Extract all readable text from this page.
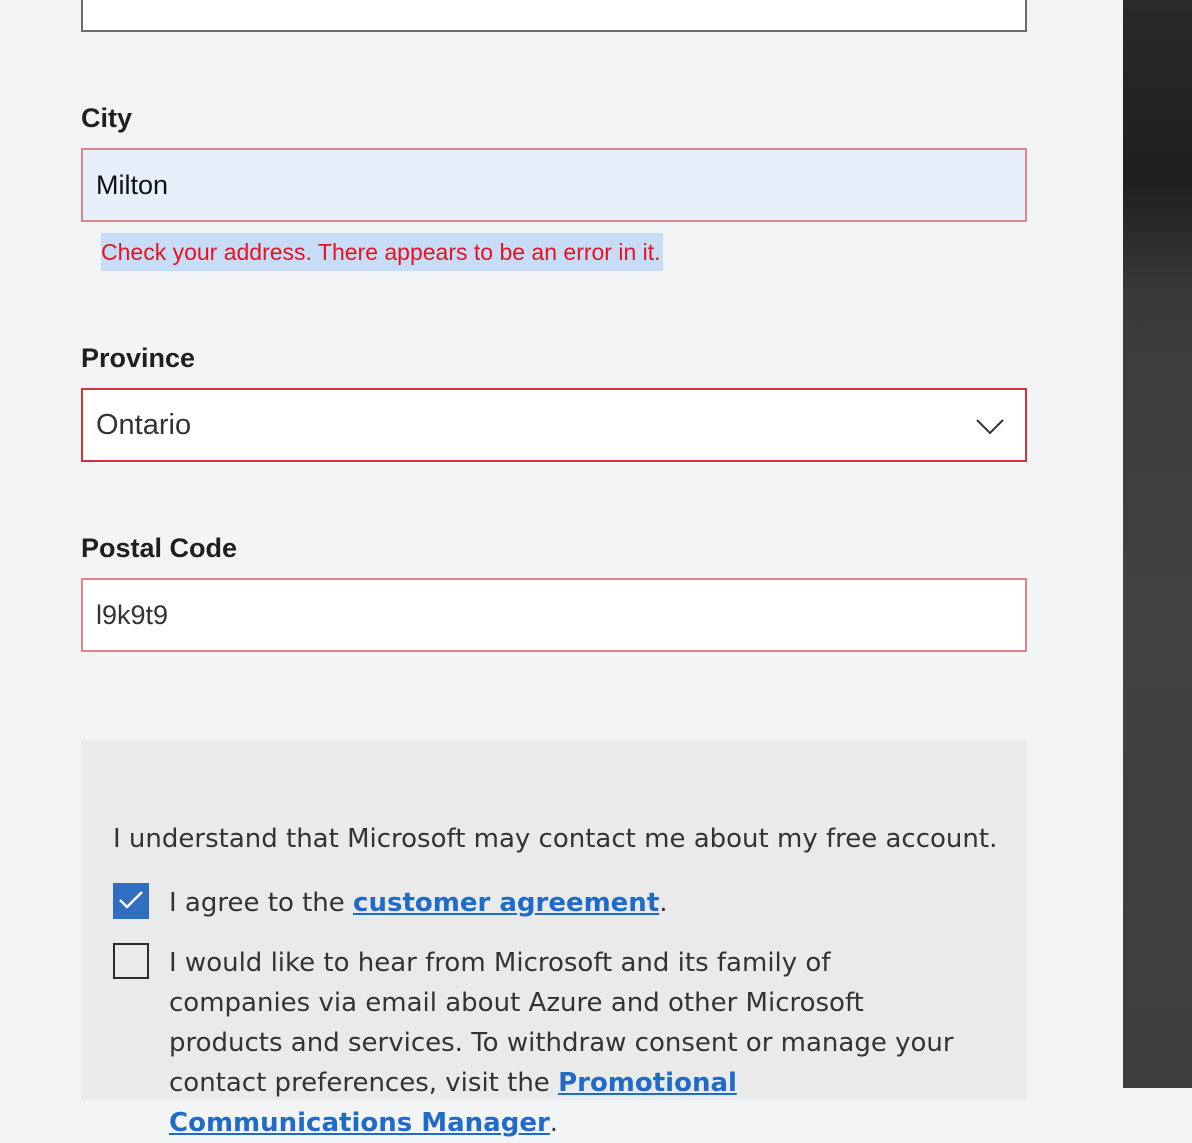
City
Milton
Check your address. There appears to be an error in it.
Province
Ontario
Postal Code
l9k9t9
I understand that Microsoft may contact me about my free account.
I agree to the customer agreement.
I would like to hear from Microsoft and its family of companies via email about Azure and other Microsoft products and services. To withdraw consent or manage your contact preferences, visit the Promotional Communications Manager.
